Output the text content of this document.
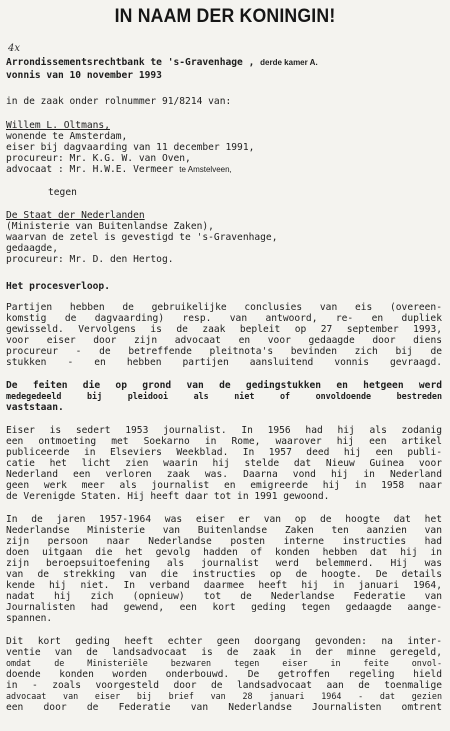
IN NAAM DER KONINGIN!
4x
Arrondissementsrechtbank te 's-Gravenhage , derde kamer A.
vonnis van 10 november 1993
in de zaak onder rolnummer 91/8214 van:
Willem L. Oltmans,
wonende te Amsterdam,
eiser bij dagvaarding van 11 december 1991,
procureur: Mr. K.G. W. van Oven,
advocaat : Mr. H.W.E. Vermeer te Amstelveen,
tegen
De Staat der Nederlanden
(Ministerie van Buitenlandse Zaken),
waarvan de zetel is gevestigd te 's-Gravenhage,
gedaagde,
procureur: Mr. D. den Hertog.
Het procesverloop.
Partijen hebben de gebruikelijke conclusies van eis (overeen-
komstig de dagvaarding) resp. van antwoord, re- en dupliek
gewisseld. Vervolgens is de zaak bepleit op 27 september 1993,
voor eiser door zijn advocaat en voor gedaagde door diens
procureur - de betreffende pleitnota's bevinden zich bij de
stukken - en hebben partijen aansluitend vonnis gevraagd.
De feiten die op grond van de gedingstukken en hetgeen werd
medegedeeld bij pleidooi als niet of onvoldoende bestreden
vaststaan.
Eiser is sedert 1953 journalist. In 1956 had hij als zodanig
een ontmoeting met Soekarno in Rome, waarover hij een artikel
publiceerde in Elseviers Weekblad. In 1957 deed hij een publi-
catie het licht zien waarin hij stelde dat Nieuw Guinea voor
Nederland een verloren zaak was. Daarna vond hij in Nederland
geen werk meer als journalist en emigreerde hij in 1958 naar
de Verenigde Staten. Hij heeft daar tot in 1991 gewoond.
In de jaren 1957-1964 was eiser er van op de hoogte dat het
Nederlandse Ministerie van Buitenlandse Zaken ten aanzien van
zijn persoon naar Nederlandse posten interne instructies had
doen uitgaan die het gevolg hadden of konden hebben dat hij in
zijn beroepsuitoefening als journalist werd belemmerd. Hij was
van de strekking van die instructies op de hoogte. De details
kende hij niet. In verband daarmee heeft hij in januari 1964,
nadat hij zich (opnieuw) tot de Nederlandse Federatie van
Journalisten had gewend, een kort geding tegen gedaagde aange-
spannen.
Dit kort geding heeft echter geen doorgang gevonden: na inter-
ventie van de landsadvocaat is de zaak in der minne geregeld,
omdat de Ministeriële bezwaren tegen eiser in feite onvol-
doende konden worden onderbouwd. De getroffen regeling hield
in - zoals voorgesteld door de landsadvocaat aan de toenmalige
advocaat van eiser bij brief van 28 januari 1964 - dat gezien
een door de Federatie van Nederlandse Journalisten omtrent
